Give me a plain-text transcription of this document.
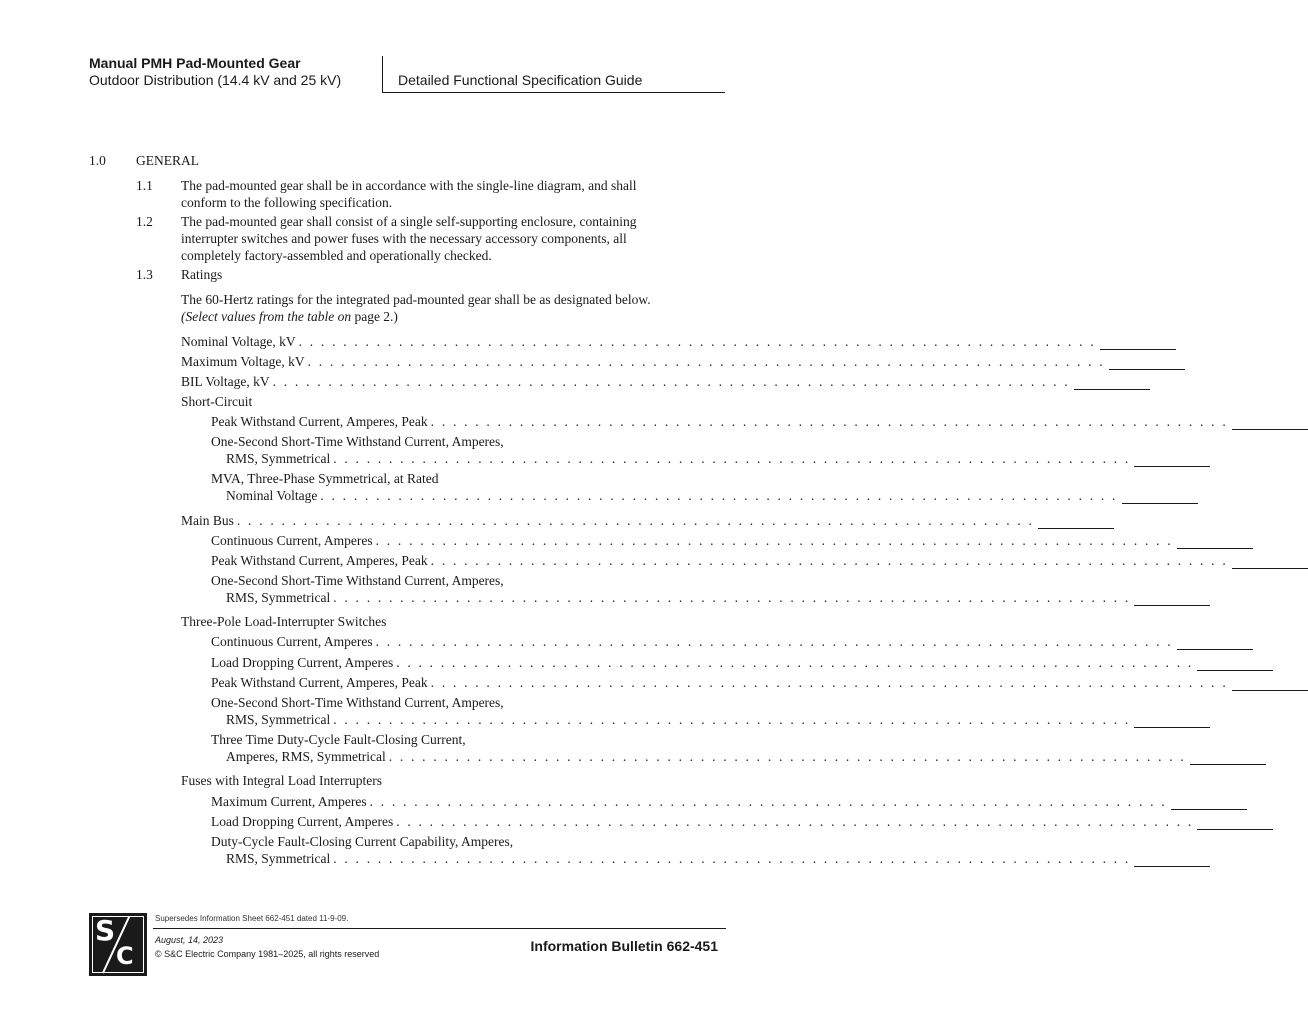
Manual PMH Pad-Mounted Gear
Outdoor Distribution (14.4 kV and 25 kV)	Detailed Functional Specification Guide
1.0 GENERAL
1.1 The pad-mounted gear shall be in accordance with the single-line diagram, and shall
conform to the following specification.
1.2 The pad-mounted gear shall consist of a single self-supporting enclosure, containing
interrupter switches and power fuses with the necessary accessory components, all
completely factory-assembled and operationally checked.
1.3 Ratings
The 60-Hertz ratings for the integrated pad-mounted gear shall be as designated below.
(Select values from the table on page 2.)
Nominal Voltage, kV . . . . . . . . . . . . . . . . . . . . . . . . . . . . . . . . . . . . . . . . . . . . . . . . . . . . . . . . . . . . . . . . . . . . . . . .
Maximum Voltage, kV . . . . . . . . . . . . . . . . . . . . . . . . . . . . . . . . . . . . . . . . . . . . . . . . . . . . . . . . . . . . . . . . . . . . . . . .
BIL Voltage, kV . . . . . . . . . . . . . . . . . . . . . . . . . . . . . . . . . . . . . . . . . . . . . . . . . . . . . . . . . . . . . . . . . . . . . . . .
Short-Circuit
Peak Withstand Current, Amperes, Peak . . . . . . . . . . . . . . . . . . . . . . . . . . . . . . . . . . . . . . . . . . . . . . . . . . . . . . . . . . . . . . . . . . . . . . . .
One-Second Short-Time Withstand Current, Amperes,
RMS, Symmetrical . . . . . . . . . . . . . . . . . . . . . . . . . . . . . . . . . . . . . . . . . . . . . . . . . . . . . . . . . . . . . . . . . . . . . . . .
MVA, Three-Phase Symmetrical, at Rated
Nominal Voltage . . . . . . . . . . . . . . . . . . . . . . . . . . . . . . . . . . . . . . . . . . . . . . . . . . . . . . . . . . . . . . . . . . . . . . . .
Main Bus . . . . . . . . . . . . . . . . . . . . . . . . . . . . . . . . . . . . . . . . . . . . . . . . . . . . . . . . . . . . . . . . . . . . . . . .
Continuous Current, Amperes . . . . . . . . . . . . . . . . . . . . . . . . . . . . . . . . . . . . . . . . . . . . . . . . . . . . . . . . . . . . . . . . . . . . . . . .
Peak Withstand Current, Amperes, Peak . . . . . . . . . . . . . . . . . . . . . . . . . . . . . . . . . . . . . . . . . . . . . . . . . . . . . . . . . . . . . . . . . . . . . . . .
One-Second Short-Time Withstand Current, Amperes,
RMS, Symmetrical . . . . . . . . . . . . . . . . . . . . . . . . . . . . . . . . . . . . . . . . . . . . . . . . . . . . . . . . . . . . . . . . . . . . . . . .
Three-Pole Load-Interrupter Switches
Continuous Current, Amperes . . . . . . . . . . . . . . . . . . . . . . . . . . . . . . . . . . . . . . . . . . . . . . . . . . . . . . . . . . . . . . . . . . . . . . . .
Load Dropping Current, Amperes . . . . . . . . . . . . . . . . . . . . . . . . . . . . . . . . . . . . . . . . . . . . . . . . . . . . . . . . . . . . . . . . . . . . . . . .
Peak Withstand Current, Amperes, Peak . . . . . . . . . . . . . . . . . . . . . . . . . . . . . . . . . . . . . . . . . . . . . . . . . . . . . . . . . . . . . . . . . . . . . . . .
One-Second Short-Time Withstand Current, Amperes,
RMS, Symmetrical . . . . . . . . . . . . . . . . . . . . . . . . . . . . . . . . . . . . . . . . . . . . . . . . . . . . . . . . . . . . . . . . . . . . . . . .
Three Time Duty-Cycle Fault-Closing Current,
Amperes, RMS, Symmetrical . . . . . . . . . . . . . . . . . . . . . . . . . . . . . . . . . . . . . . . . . . . . . . . . . . . . . . . . . . . . . . . . . . . . . . . .
Fuses with Integral Load Interrupters
Maximum Current, Amperes . . . . . . . . . . . . . . . . . . . . . . . . . . . . . . . . . . . . . . . . . . . . . . . . . . . . . . . . . . . . . . . . . . . . . . . .
Load Dropping Current, Amperes . . . . . . . . . . . . . . . . . . . . . . . . . . . . . . . . . . . . . . . . . . . . . . . . . . . . . . . . . . . . . . . . . . . . . . . .
Duty-Cycle Fault-Closing Current Capability, Amperes,
RMS, Symmetrical . . . . . . . . . . . . . . . . . . . . . . . . . . . . . . . . . . . . . . . . . . . . . . . . . . . . . . . . . . . . . . . . . . . . . . . .
S
C
Supersedes Information Sheet 662-451 dated 11-9-09.
August, 14, 2023
© S&C Electric Company 1981–2025, all rights reserved	Information Bulletin 662-451
